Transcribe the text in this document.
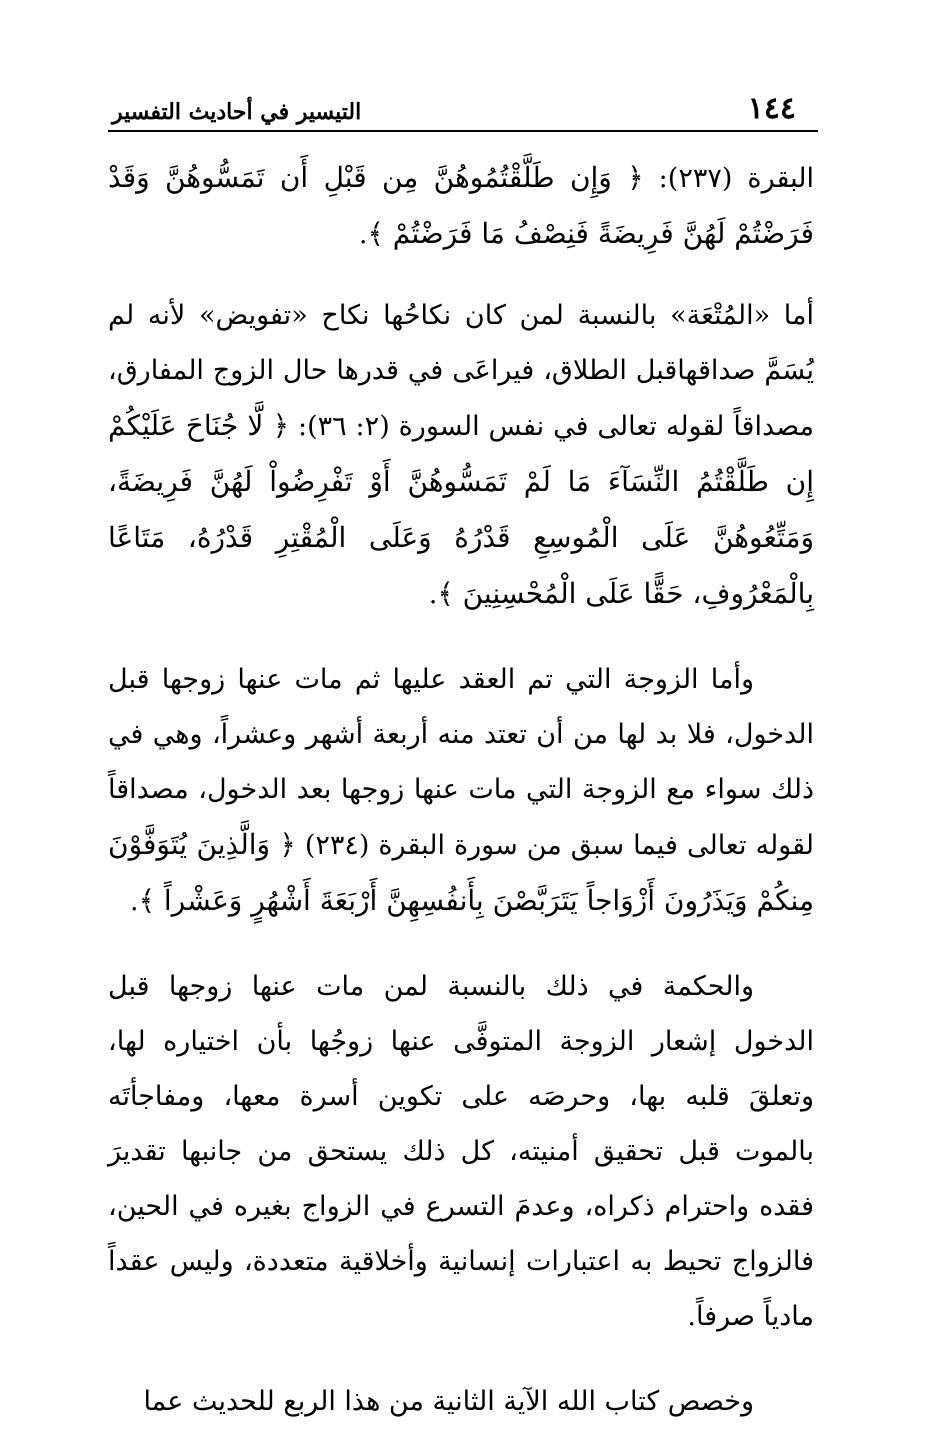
١٤٤
التيسير في أحاديث التفسير

البقرة (٢٣٧): ﴿ وَإِن طَلَّقْتُمُوهُنَّ مِن قَبْلِ أَن تَمَسُّوهُنَّ وَقَدْ فَرَضْتُمْ لَهُنَّ فَرِيضَةً فَنِصْفُ مَا فَرَضْتُمْ ﴾.

أما «المُتْعَة» بالنسبة لمن كان نكاحُها نكاح «تفويض» لأنه لم يُسَمَّ صداقهاقبل الطلاق، فيراعَى في قدرها حال الزوج المفارق، مصداقاً لقوله تعالى في نفس السورة (٢: ٣٦): ﴿ لَّا جُنَاحَ عَلَيْكُمْ إِن طَلَّقْتُمُ النِّسَآءَ مَا لَمْ تَمَسُّوهُنَّ أَوْ تَفْرِضُواْ لَهُنَّ فَرِيضَةً، وَمَتِّعُوهُنَّ عَلَى الْمُوسِعِ قَدْرُهُ وَعَلَى الْمُقْتِرِ قَدْرُهُ، مَتَاعًا بِالْمَعْرُوفِ، حَقًّا عَلَى الْمُحْسِنِينَ ﴾.

وأما الزوجة التي تم العقد عليها ثم مات عنها زوجها قبل الدخول، فلا بد لها من أن تعتد منه أربعة أشهر وعشراً، وهي في ذلك سواء مع الزوجة التي مات عنها زوجها بعد الدخول، مصداقاً لقوله تعالى فيما سبق من سورة البقرة (٢٣٤) ﴿ وَالَّذِينَ يُتَوَفَّوْنَ مِنكُمْ وَيَذَرُونَ أَزْوَاجاً يَتَرَبَّصْنَ بِأَنفُسِهِنَّ أَرْبَعَةَ أَشْهُرٍ وَعَشْراً ﴾.

والحكمة في ذلك بالنسبة لمن مات عنها زوجها قبل الدخول إشعار الزوجة المتوفَّى عنها زوجُها بأن اختياره لها، وتعلقَ قلبه بها، وحرصَه على تكوين أسرة معها، ومفاجأتَه بالموت قبل تحقيق أمنيته، كل ذلك يستحق من جانبها تقديرَ فقده واحترام ذكراه، وعدمَ التسرع في الزواج بغيره في الحين، فالزواج تحيط به اعتبارات إنسانية وأخلاقية متعددة، وليس عقداً مادياً صرفاً.

وخصص كتاب الله الآية الثانية من هذا الربع للحديث عما
